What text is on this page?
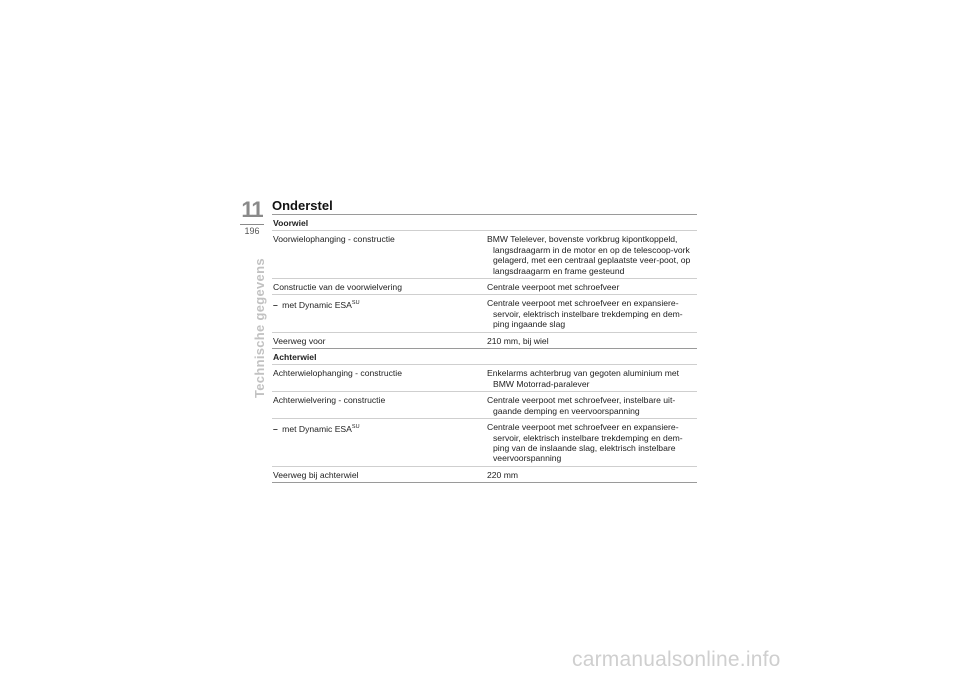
11
196
Technische gegevens
Onderstel
Voorwiel
Voorwielophanging - constructie	BMW Telelever, bovenste vorkbrug kipontkoppeld,
langsdraagarm in de motor en op de telescoop-vork gelagerd, met een centraal geplaatste veer-poot, op langsdraagarm en frame gesteund
Constructie van de voorwielvering	Centrale veerpoot met schroefveer
– met Dynamic $ESA^{SU}$	Centrale veerpoot met schroefveer en expansiere-
servoir, elektrisch instelbare trekdemping en dem-ping ingaande slag
Veerweg voor	210 mm, bij wiel
Achterwiel
Achterwielophanging - constructie	Enkelarms achterbrug van gegoten aluminium met
BMW Motorrad-paralever
Achterwielvering - constructie	Centrale veerpoot met schroefveer, instelbare uit-
gaande demping en veervoorspanning
– met Dynamic $ESA^{SU}$	Centrale veerpoot met schroefveer en expansiere-
servoir, elektrisch instelbare trekdemping en dem-ping van de inslaande slag, elektrisch instelbare veervoorspanning
Veerweg bij achterwiel	220 mm
carmanualsonline.info
